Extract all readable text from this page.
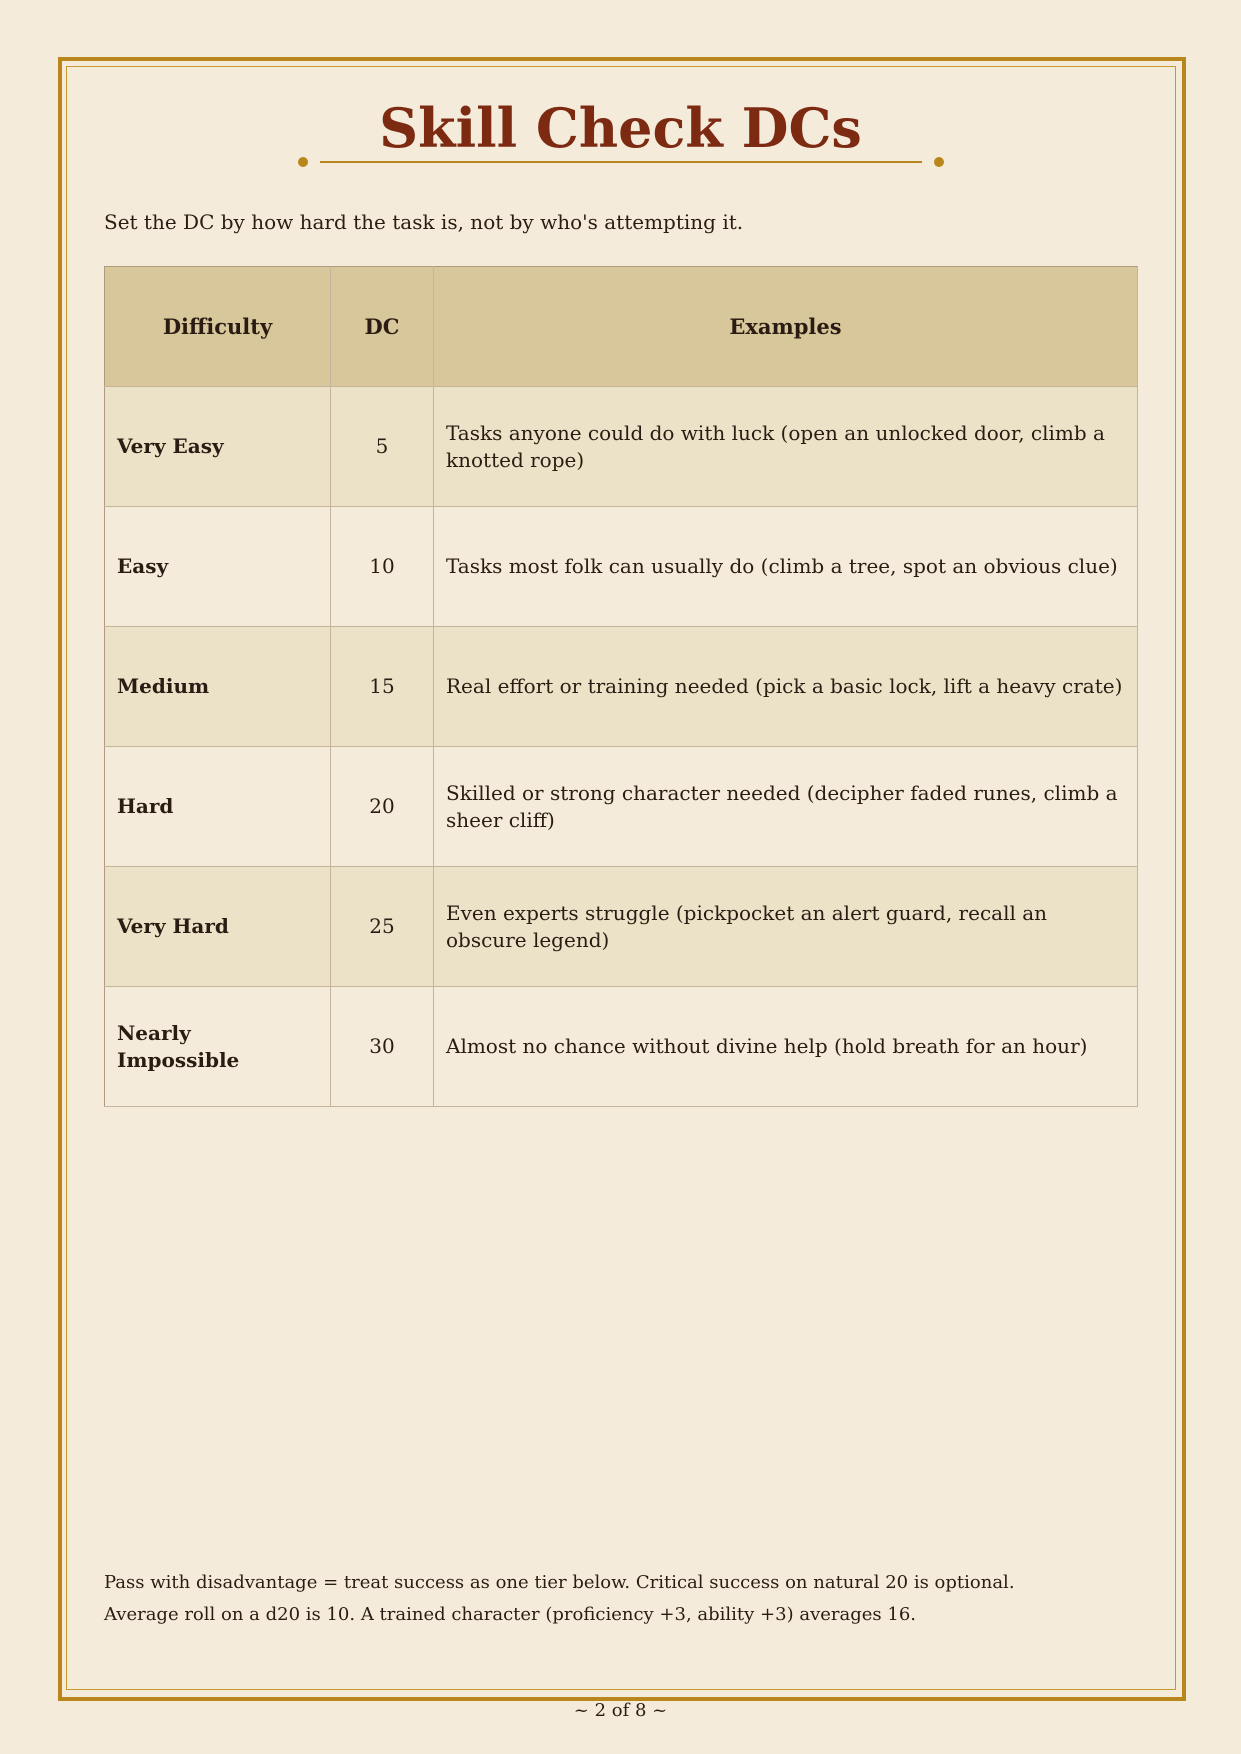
Skill Check DCs

Set the DC by how hard the task is, not by who's attempting it.

Difficulty	DC	Examples
Very Easy	5	Tasks anyone could do with luck (open an unlocked door, climb a knotted rope)
Easy	10	Tasks most folk can usually do (climb a tree, spot an obvious clue)
Medium	15	Real effort or training needed (pick a basic lock, lift a heavy crate)
Hard	20	Skilled or strong character needed (decipher faded runes, climb a sheer cliff)
Very Hard	25	Even experts struggle (pickpocket an alert guard, recall an obscure legend)
Nearly Impossible	30	Almost no chance without divine help (hold breath for an hour)

Pass with disadvantage = treat success as one tier below. Critical success on natural 20 is optional.

Average roll on a d20 is 10. A trained character (proficiency +3, ability +3) averages 16.

~ 2 of 8 ~
